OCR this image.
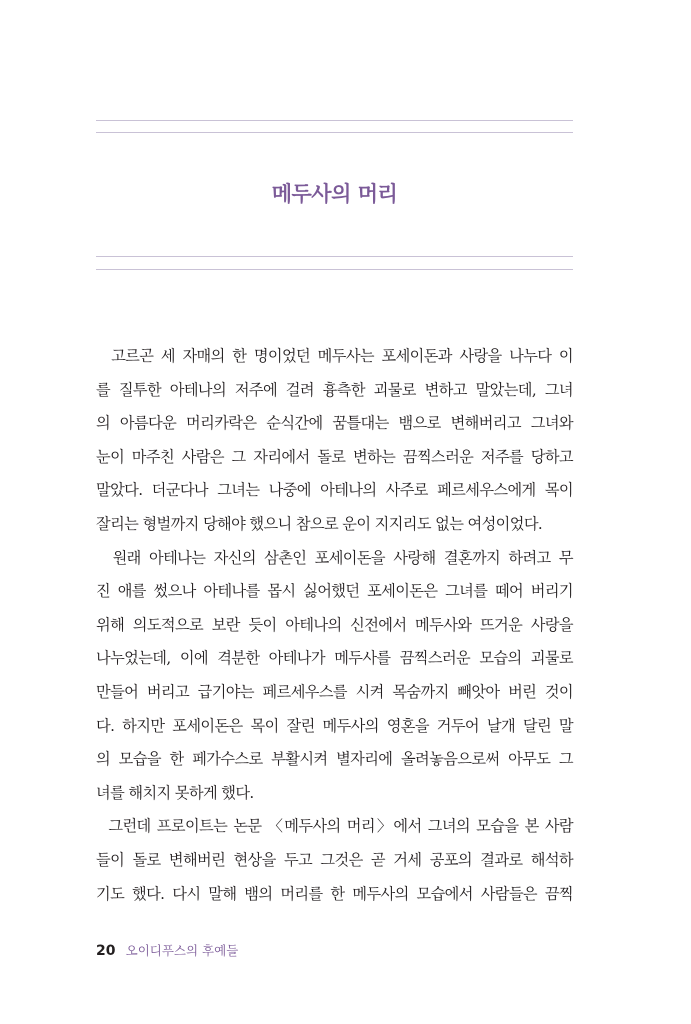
메두사의 머리
고르곤 세 자매의 한 명이었던 메두사는 포세이돈과 사랑을 나누다 이
를 질투한 아테나의 저주에 걸려 흉측한 괴물로 변하고 말았는데, 그녀
의 아름다운 머리카락은 순식간에 꿈틀대는 뱀으로 변해버리고 그녀와
눈이 마주친 사람은 그 자리에서 돌로 변하는 끔찍스러운 저주를 당하고
말았다. 더군다나 그녀는 나중에 아테나의 사주로 페르세우스에게 목이
잘리는 형벌까지 당해야 했으니 참으로 운이 지지리도 없는 여성이었다.
원래 아테나는 자신의 삼촌인 포세이돈을 사랑해 결혼까지 하려고 무
진 애를 썼으나 아테나를 몹시 싫어했던 포세이돈은 그녀를 떼어 버리기
위해 의도적으로 보란 듯이 아테나의 신전에서 메두사와 뜨거운 사랑을
나누었는데, 이에 격분한 아테나가 메두사를 끔찍스러운 모습의 괴물로
만들어 버리고 급기야는 페르세우스를 시켜 목숨까지 빼앗아 버린 것이
다. 하지만 포세이돈은 목이 잘린 메두사의 영혼을 거두어 날개 달린 말
의 모습을 한 페가수스로 부활시켜 별자리에 올려놓음으로써 아무도 그
녀를 해치지 못하게 했다.
그런데 프로이트는 논문 〈메두사의 머리〉에서 그녀의 모습을 본 사람
들이 돌로 변해버린 현상을 두고 그것은 곧 거세 공포의 결과로 해석하
기도 했다. 다시 말해 뱀의 머리를 한 메두사의 모습에서 사람들은 끔찍
20 오이디푸스의 후예들
